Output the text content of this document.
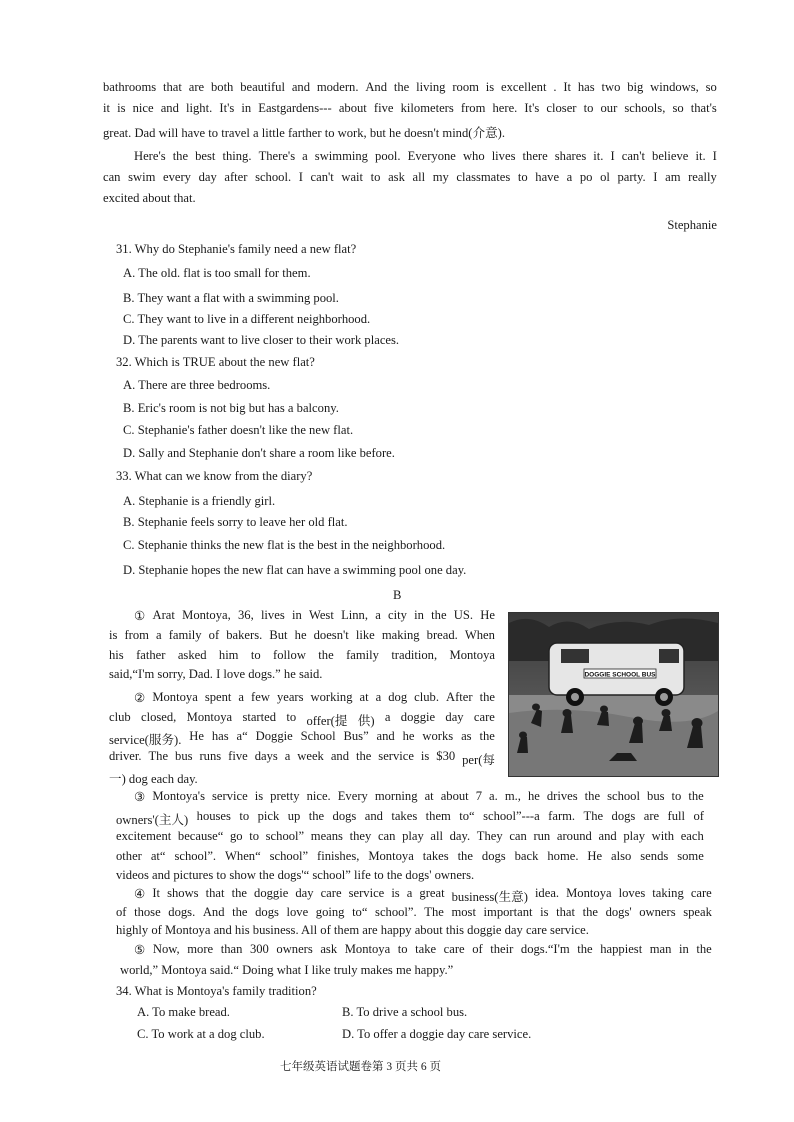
bathrooms that are both beautiful and modern. And the living room is excellent . It has two big windows, so
it is nice and light. It's in Eastgardens--- about five kilometers from here. It's closer to our schools, so that's
great. Dad will have to travel a little farther to work, but he doesn't mind(介意).
Here's the best thing. There's a swimming pool. Everyone who lives there shares it. I can't believe it. I
can swim every day after school. I can't wait to ask all my classmates to have a po ol party. I am really
excited about that.
Stephanie
31. Why do Stephanie's family need a new flat?
A. The old. flat is too small for them.
B. They want a flat with a swimming pool.
C. They want to live in a different neighborhood.
D. The parents want to live closer to their work places.
32. Which is TRUE about the new flat?
A. There are three bedrooms.
B. Eric's room is not big but has a balcony.
C. Stephanie's father doesn't like the new flat.
D. Sally and Stephanie don't share a room like before.
33. What can we know from the diary?
A. Stephanie is a friendly girl.
B. Stephanie feels sorry to leave her old flat.
C. Stephanie thinks the new flat is the best in the neighborhood.
D. Stephanie hopes the new flat can have a swimming pool one day.
B
DOGGIE SCHOOL BUS
① Arat Montoya, 36, lives in West Linn, a city in the US. He
is from a family of bakers. But he doesn't like making bread. When
his father asked him to follow the family tradition, Montoya
said,“I'm sorry, Dad. I love dogs.” he said.
② Montoya spent a few years working at a dog club. After the
club closed, Montoya started to offer(提 供) a doggie day care
service(服务). He has a“ Doggie School Bus” and he works as the
driver. The bus runs five days a week and the service is $30 per(每
一) dog each day.
③ Montoya's service is pretty nice. Every morning at about 7 a. m., he drives the school bus to the
owners'(主人) houses to pick up the dogs and takes them to“ school”---a farm. The dogs are full of
excitement because“ go to school” means they can play all day. They can run around and play with each
other at“ school”. When“ school” finishes, Montoya takes the dogs back home. He also sends some
videos and pictures to show the dogs'“ school” life to the dogs' owners.
④ It shows that the doggie day care service is a great business(生意) idea. Montoya loves taking care
of those dogs. And the dogs love going to“ school”. The most important is that the dogs' owners speak
highly of Montoya and his business. All of them are happy about this doggie day care service.
⑤ Now, more than 300 owners ask Montoya to take care of their dogs.“I'm the happiest man in the
world,” Montoya said.“ Doing what I like truly makes me happy.”
34. What is Montoya's family tradition?
A. To make bread.	B. To drive a school bus.
C. To work at a dog club.	D. To offer a doggie day care service.
七年级英语试题卷第 3 页共 6 页
